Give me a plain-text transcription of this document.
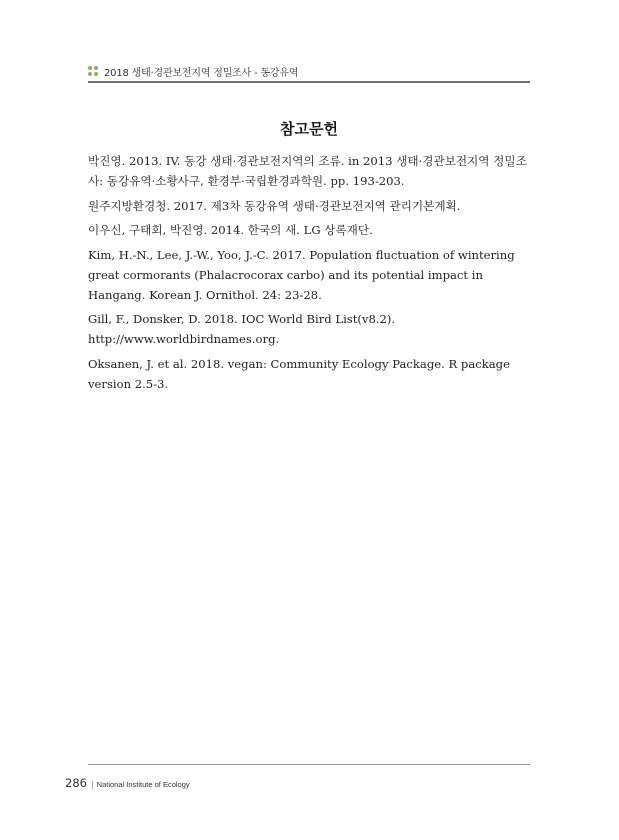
2018 생태·경관보전지역 정밀조사 - 동강유역
참고문헌
박진영. 2013. IV. 동강 생태·경관보전지역의 조류. in 2013 생태·경관보전지역 정밀조
사: 동강유역·소황사구, 환경부·국립환경과학원. pp. 193-203.
원주지방환경청. 2017. 제3차 동강유역 생태·경관보전지역 관리기본계획.
이우신, 구태회, 박진영. 2014. 한국의 새. LG 상록재단.
Kim, H.-N., Lee, J.-W., Yoo, J.-C. 2017. Population fluctuation of wintering
great cormorants (Phalacrocorax carbo) and its potential impact in
Hangang. Korean J. Ornithol. 24: 23-28.
Gill, F., Donsker, D. 2018. IOC World Bird List(v8.2).
http://www.worldbirdnames.org.
Oksanen, J. et al. 2018. vegan: Community Ecology Package. R package
version 2.5-3.
286 | National Institute of Ecology
